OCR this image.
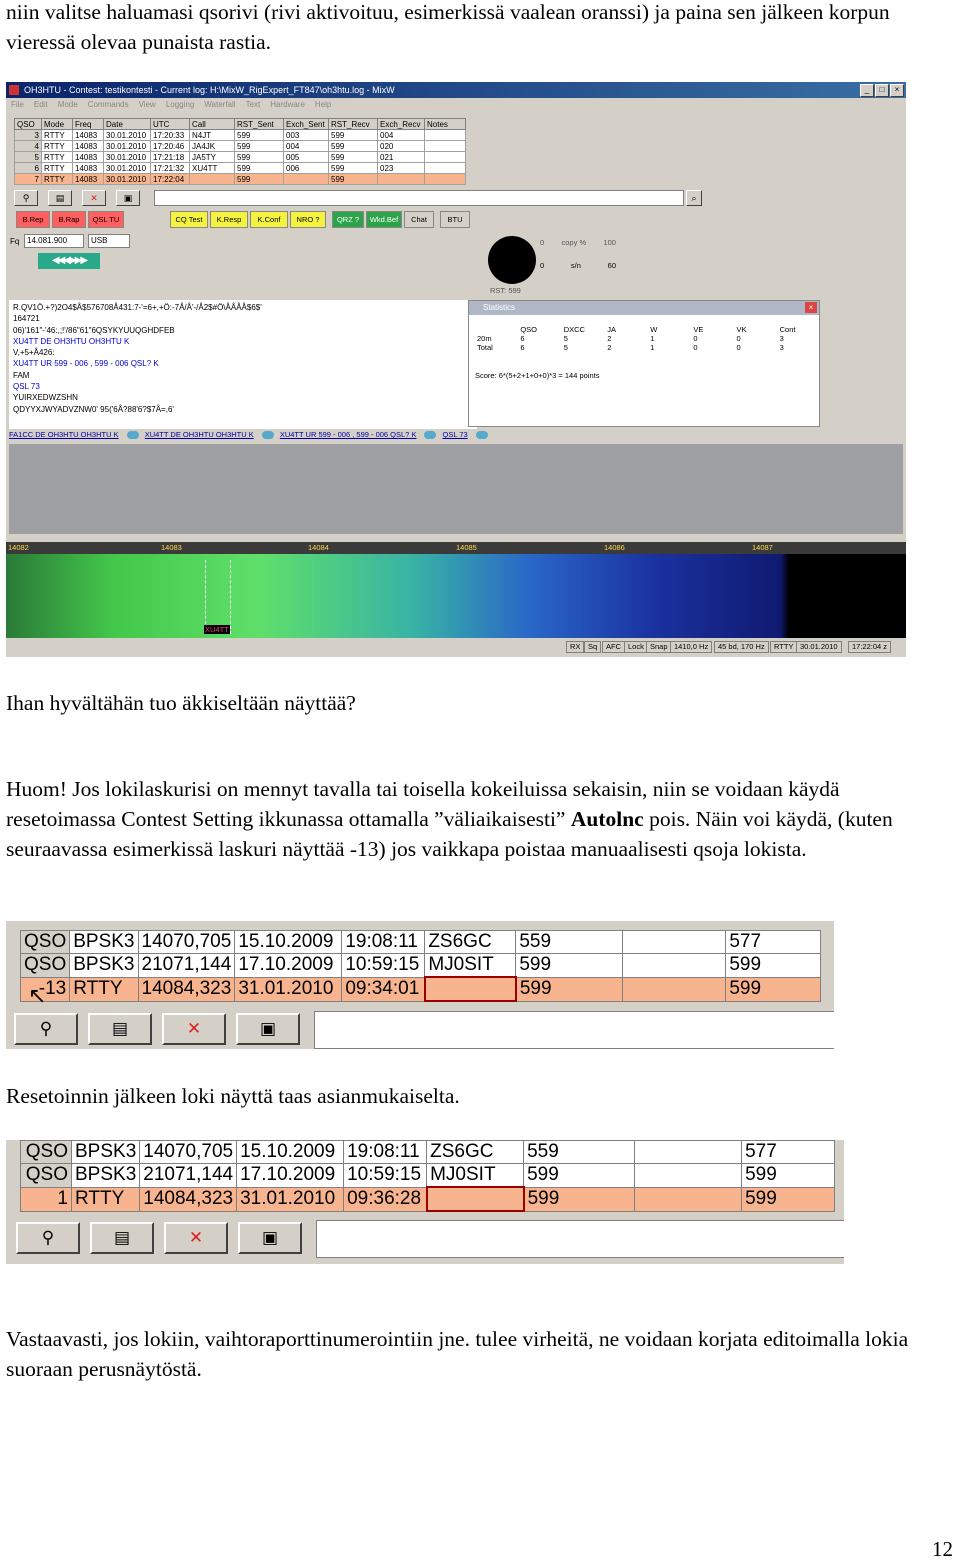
niin valitse haluamasi qsorivi (rivi aktivoituu, esimerkissä vaalean oranssi) ja paina sen jälkeen korpun vieressä olevaa punaista rastia.

OH3HTU - Contest: testikontesti - Current log: H:\MixW_RigExpert_FT847\oh3htu.log - MixW	_	□	×
File Edit Mode Commands View Logging Waterfall Text Hardware Help
QSO	Mode	Freq	Date	UTC	Call	RST_Sent	Exch_Sent	RST_Recv	Exch_Recv	Notes
3	RTTY	14083	30.01.2010	17:20:33	N4JT	599	003	599	004	
4	RTTY	14083	30.01.2010	17:20:46	JA4JK	599	004	599	020	
5	RTTY	14083	30.01.2010	17:21:18	JA5TY	599	005	599	021	
6	RTTY	14083	30.01.2010	17:21:32	XU4TT	599	006	599	023	
7	RTTY	14083	30.01.2010	17:22:04		599		599		
⚲	▤	✕	▣	⌕
B.Rep	B.Rap	QSL TU	CQ Test	K.Resp	K.Conf	NRO ?	QRZ ?	Wkd.Bef	Chat	BTU
Fq 14.081.900	USB
◀◀◀▶▶▶
0 copy % 100
0	s/n	60
RST: 599
R.QV1Ö.+?)2O4$Å$576708Å431:7-'=6+,+Ö:-7Å/Å'-/Å2$#Ö\ÅÅÅÅ$6$'
164721
06)'161"-'46:,;!'/86"61"6QSYKYUUQGHDFEB
XU4TT DE OH3HTU OH3HTU K
V,+5+Å426:
XU4TT UR 599 - 006 , 599 - 006 QSL? K
FAM
QSL 73
YUIRXEDWZSHN
QDYYXJWYADVZNW0' 95('6Å?88'6?$7Å=,6'
Statistics	×
	QSO	DXCC	JA	W	VE	VK	Cont
20m	6	5	2	1	0	0	3
Total	6	5	2	1	0	0	3
Score: 6*(5+2+1+0+0)*3 = 144 points
FA1CC DE OH3HTU OH3HTU K	XU4TT DE OH3HTU OH3HTU K	XU4TT UR 599 - 006 , 599 - 006 QSL? K	QSL 73
14082	14083	14084	14085	14086	14087
XU4TT
RX	Sq	AFC Lock Snap 1410,0 Hz	45 bd, 170 Hz	RTTY 30.01.2010	17:22:04 z

Ihan hyvältähän tuo äkkiseltään näyttää?

Huom! Jos lokilaskurisi on mennyt tavalla tai toisella kokeiluissa sekaisin, niin se voidaan käydä resetoimassa Contest Setting ikkunassa ottamalla ”väliaikaisesti” Autolnc pois. Näin voi käydä, (kuten seuraavassa esimerkissä laskuri näyttää -13) jos vaikkapa poistaa manuaalisesti qsoja lokista.

QSO	BPSK3	14070,705	15.10.2009	19:08:11	ZS6GC	559		577
QSO	BPSK3	21071,144	17.10.2009	10:59:15	MJ0SIT	599		599
-13	RTTY	14084,323	31.01.2010	09:34:01		599		599
↖
⚲	▤	✕	▣

Resetoinnin jälkeen loki näyttä taas asianmukaiselta.

QSO	BPSK3	14070,705	15.10.2009	19:08:11	ZS6GC	559		577
QSO	BPSK3	21071,144	17.10.2009	10:59:15	MJ0SIT	599		599
1	RTTY	14084,323	31.01.2010	09:36:28		599		599
⚲	▤	✕	▣

Vastaavasti, jos lokiin, vaihtoraporttinumerointiin jne. tulee virheitä, ne voidaan korjata editoimalla lokia suoraan perusnäytöstä.

12
